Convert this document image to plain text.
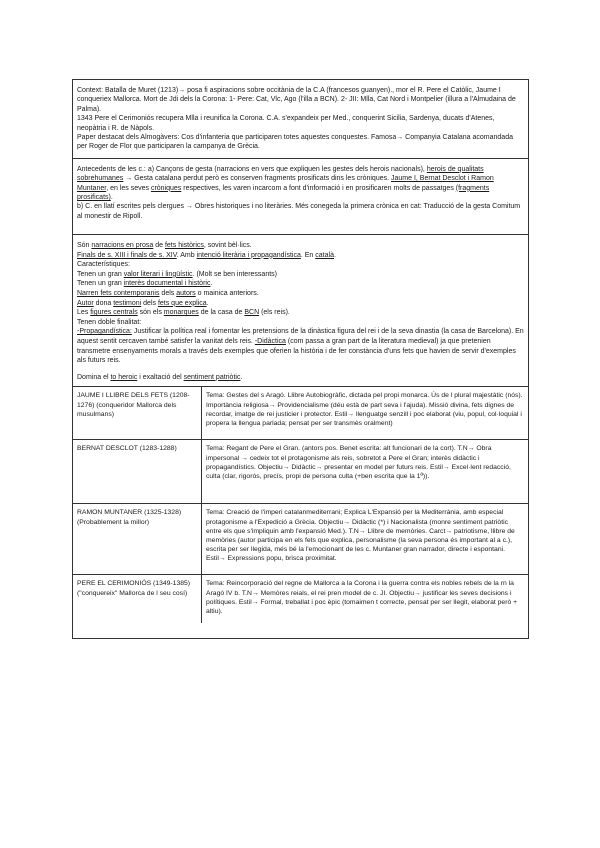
Context: Batalla de Muret (1213)→ posa fi aspiracions sobre occitània de la C.A (francesos guanyen)., mor el R. Pere el Catòlic, Jaume I conqueriex Mallorca. Mort de Jdi dels la Corona: 1- Pere: Cat, Vlc, Ago (l'illa a BCN). 2- JII: Mlla, Cat Nord i Montpelier (illura a l'Almudaina de Palma).
1343 Pere el Cerimoniós recupera Mlla i reunifica la Corona. C.A. s'expandeix per Med., conquerint Sicilia, Sardenya, ducats d'Atenes, neopàtria i R. de Nàpols.
Paper destacat dels Almogàvers: Cos d'infanteria que participaren totes aquestes conquestes. Famosa→ Companyia Catalana acomandada per Roger de Flor que participaren la campanya de Grècia.
Antecedents de les c.: a) Cançons de gesta (narracions en vers que expliquen les gestes dels herois nacionals), herois de qualitats sobrehumanes → Gesta catalana perdut però es conserven fragments prosificats dins les cròniques. Jaume I, Bernat Desclot i Ramon Muntaner, en les seves cròniques respectives, les varen incarcom a font d'informació i en prosificaren molts de passatges (fragments prosificats).
b) C. en llatí escrites pels clergues → Obres historiques i no literàries. Més conegeda la primera crònica en cat: Traducció de la gesta Comitum al monestir de Ripoll.

Són narracions en prosa de fets històrics, sovint bèl·lics.

Finals de s. XIII i finals de s. XIV. Amb intenció literària i propagandística. En català.

Característiques:

Tenen un gran valor literari i lingüístic. (Molt se ben interessants)

Tenen un gran interès documental i històric.

Narren fets contemporanis dels autors o mainica anteriors.

Autor dona testimoni dels fets que explica.

Les figures centrals són els monarques de la casa de BCN (els reis).

Tenen doble finalitat:

-Propagandística: Justificar la política real i fomentar les pretensions de la dinàstica figura del rei i de la seva dinastia (la casa de Barcelona). En aquest sentit cercaven també satisfer la vanitat dels reis. -Didàctica (com passa a gran part de la literatura medieval) ja que pretenien transmetre ensenyaments morals a través dels exemples que oferien la història i de fer constància d'uns fets que havien de servir d'exemples als futurs reis.

Domina el to heroic i exaltació del sentiment patriòtic.

JAUME I LLIBRE DELS FETS (1208-1276) (conqueridor Mallorca dels musulmans)	Tema: Gestes del s Aragó. Llibre Autobiogràfic, dictada pel propi monarca. Ús de l plural majestàtic (nós). Importància religiosa→ Providencialisme (déu està de part seva i l'ajuda). Missió divina, fets dignes de recordar, imatge de rei justicier i protector. Estil→ llenguatge senzill i poc elaborat (viu, popul, col·loquial i propera la llengua parlada; pensat per ser transmès oralment)
BERNAT DESCLOT (1283-1288)	Tema: Regant de Pere el Gran. (antors pos. Benet escrita: alt funcionari de la cort). T.N→ Obra impersonal → cedeix tot el protagonisme als reis, sobretot a Pere el Gran; interès didàctic i propagandístics. Objectiu→ Didàctic→ presentar en model per futurs reis. Estil→ Excel·lent redacció, culta (clar, rigorós, precís, propi de persona culta (+ben escrita que la 1ª)).
RAMON MUNTANER (1325-1328) (Probablement la millor)	Tema: Creació de l'imperi catalanmediterrani; Explica L'Expansió per la Mediterrània, amb especial protagonisme a l'Expedició a Grècia. Objectiu→ Didàctic (*) i Nacionalista (monre sentiment patriòtic entre els que s'impliquin amb l'expansió Med.). T.N→ Llibre de memòries. Carct→ patriotisme, llibre de memòries (autor participa en els fets que explica, personalisme (la seva persona és important al a c.), escrita per ser llegida, més bé la l'emocionant de les c. Muntaner gran narrador, directe i espontani. Estil→ Expressions popu, brisca proximitat.
PERE EL CERIMONIÓS (1349-1385) ("conquereix" Mallorca de l seu cosí)	Tema: Reincorporació del regne de Mallorca a la Corona i la guerra contra els nobles rebels de la rn la Aragó IV b. T.N→ Memòres reials, el rei pren model de c. JI. Objectiu→ justificar les seves decisions i polítiques. Estil→ Formal, treballat i poc èpic (tomaimen t correcte, pensat per ser llegit, elaborat però + altiu).
